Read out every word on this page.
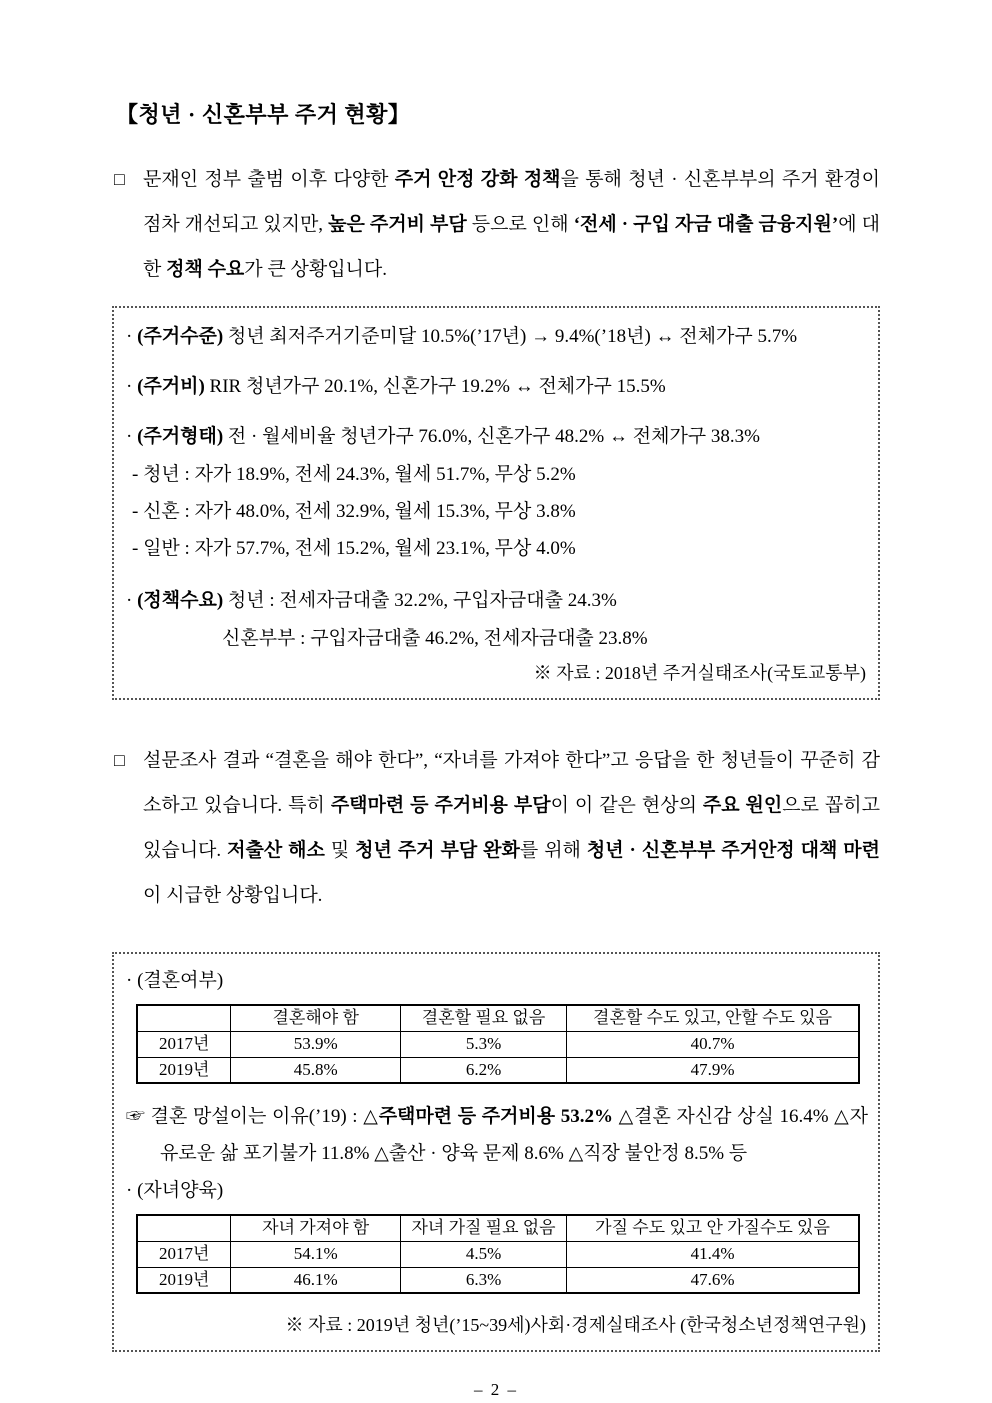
【청년 · 신혼부부 주거 현황】
□ 문재인 정부 출범 이후 다양한 주거 안정 강화 정책을 통해 청년 · 신혼부부의 주거 환경이 점차 개선되고 있지만, 높은 주거비 부담 등으로 인해 ‘전세 · 구입 자금 대출 금융지원’에 대한 정책 수요가 큰 상황입니다.
· (주거수준) 청년 최저주거기준미달 10.5%(’17년) → 9.4%(’18년) ↔ 전체가구 5.7%
· (주거비) RIR 청년가구 20.1%, 신혼가구 19.2% ↔ 전체가구 15.5%
· (주거형태) 전 · 월세비율 청년가구 76.0%, 신혼가구 48.2% ↔ 전체가구 38.3%
- 청년 : 자가 18.9%, 전세 24.3%, 월세 51.7%, 무상 5.2%
- 신혼 : 자가 48.0%, 전세 32.9%, 월세 15.3%, 무상 3.8%
- 일반 : 자가 57.7%, 전세 15.2%, 월세 23.1%, 무상 4.0%
· (정책수요) 청년 : 전세자금대출 32.2%, 구입자금대출 24.3%
신혼부부 : 구입자금대출 46.2%, 전세자금대출 23.8%
※ 자료 : 2018년 주거실태조사(국토교통부)
□ 설문조사 결과 “결혼을 해야 한다”, “자녀를 가져야 한다”고 응답을 한 청년들이 꾸준히 감소하고 있습니다. 특히 주택마련 등 주거비용 부담이 이 같은 현상의 주요 원인으로 꼽히고 있습니다. 저출산 해소 및 청년 주거 부담 완화를 위해 청년 · 신혼부부 주거안정 대책 마련이 시급한 상황입니다.
· (결혼여부)
	결혼해야 함	결혼할 필요 없음	결혼할 수도 있고, 안할 수도 있음
2017년	53.9%	5.3%	40.7%
2019년	45.8%	6.2%	47.9%
☞ 결혼 망설이는 이유(’19) : △주택마련 등 주거비용 53.2% △결혼 자신감 상실 16.4% △자유로운 삶 포기불가 11.8% △출산 · 양육 문제 8.6% △직장 불안정 8.5% 등
· (자녀양육)
	자녀 가져야 함	자녀 가질 필요 없음	가질 수도 있고 안 가질수도 있음
2017년	54.1%	4.5%	41.4%
2019년	46.1%	6.3%	47.6%
※ 자료 : 2019년 청년(’15~39세)사회·경제실태조사 (한국청소년정책연구원)
– 2 –
